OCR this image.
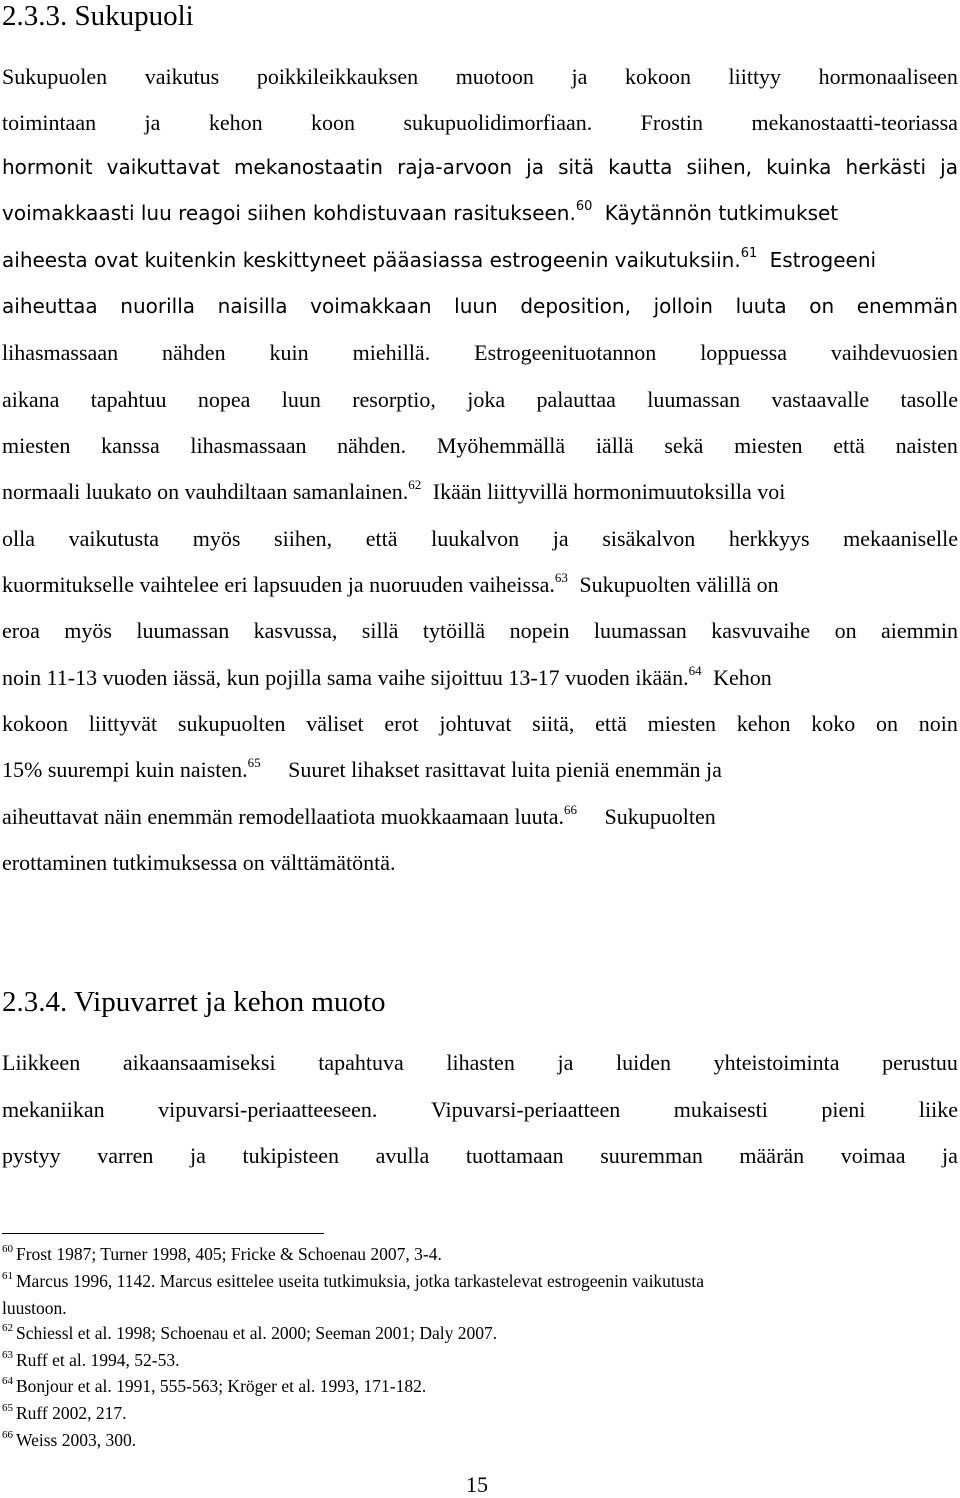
2.3.3. Sukupuoli
Sukupuolen vaikutus poikkileikkauksen muotoon ja kokoon liittyy hormonaaliseen
toimintaan ja kehon koon sukupuolidimorfiaan. Frostin mekanostaatti-teoriassa
hormonit vaikuttavat mekanostaatin raja-arvoon ja sitä kautta siihen, kuinka herkästi ja
voimakkaasti luu reagoi siihen kohdistuvaan rasitukseen.$^{60}$ Käytännön tutkimukset
aiheesta ovat kuitenkin keskittyneet pääasiassa estrogeenin vaikutuksiin.$^{61}$ Estrogeeni
aiheuttaa nuorilla naisilla voimakkaan luun deposition, jolloin luuta on enemmän
lihasmassaan nähden kuin miehillä. Estrogeenituotannon loppuessa vaihdevuosien
aikana tapahtuu nopea luun resorptio, joka palauttaa luumassan vastaavalle tasolle
miesten kanssa lihasmassaan nähden. Myöhemmällä iällä sekä miesten että naisten
normaali luukato on vauhdiltaan samanlainen.$^{62}$ Ikään liittyvillä hormonimuutoksilla voi
olla vaikutusta myös siihen, että luukalvon ja sisäkalvon herkkyys mekaaniselle
kuormitukselle vaihtelee eri lapsuuden ja nuoruuden vaiheissa.$^{63}$ Sukupuolten välillä on
eroa myös luumassan kasvussa, sillä tytöillä nopein luumassan kasvuvaihe on aiemmin
noin 11-13 vuoden iässä, kun pojilla sama vaihe sijoittuu 13-17 vuoden ikään.$^{64}$ Kehon
kokoon liittyvät sukupuolten väliset erot johtuvat siitä, että miesten kehon koko on noin
15% suurempi kuin naisten.$^{65}$ Suuret lihakset rasittavat luita pieniä enemmän ja
aiheuttavat näin enemmän remodellaatiota muokkaamaan luuta.$^{66}$ Sukupuolten
erottaminen tutkimuksessa on välttämätöntä.
2.3.4. Vipuvarret ja kehon muoto
Liikkeen aikaansaamiseksi tapahtuva lihasten ja luiden yhteistoiminta perustuu
mekaniikan vipuvarsi-periaatteeseen. Vipuvarsi-periaatteen mukaisesti pieni liike
pystyy varren ja tukipisteen avulla tuottamaan suuremman määrän voimaa ja
$^{60}$ Frost 1987; Turner 1998, 405; Fricke & Schoenau 2007, 3-4.
$^{61}$ Marcus 1996, 1142. Marcus esittelee useita tutkimuksia, jotka tarkastelevat estrogeenin vaikutusta
luustoon.
$^{62}$ Schiessl et al. 1998; Schoenau et al. 2000; Seeman 2001; Daly 2007.
$^{63}$ Ruff et al. 1994, 52-53.
$^{64}$ Bonjour et al. 1991, 555-563; Kröger et al. 1993, 171-182.
$^{65}$ Ruff 2002, 217.
$^{66}$ Weiss 2003, 300.
15
